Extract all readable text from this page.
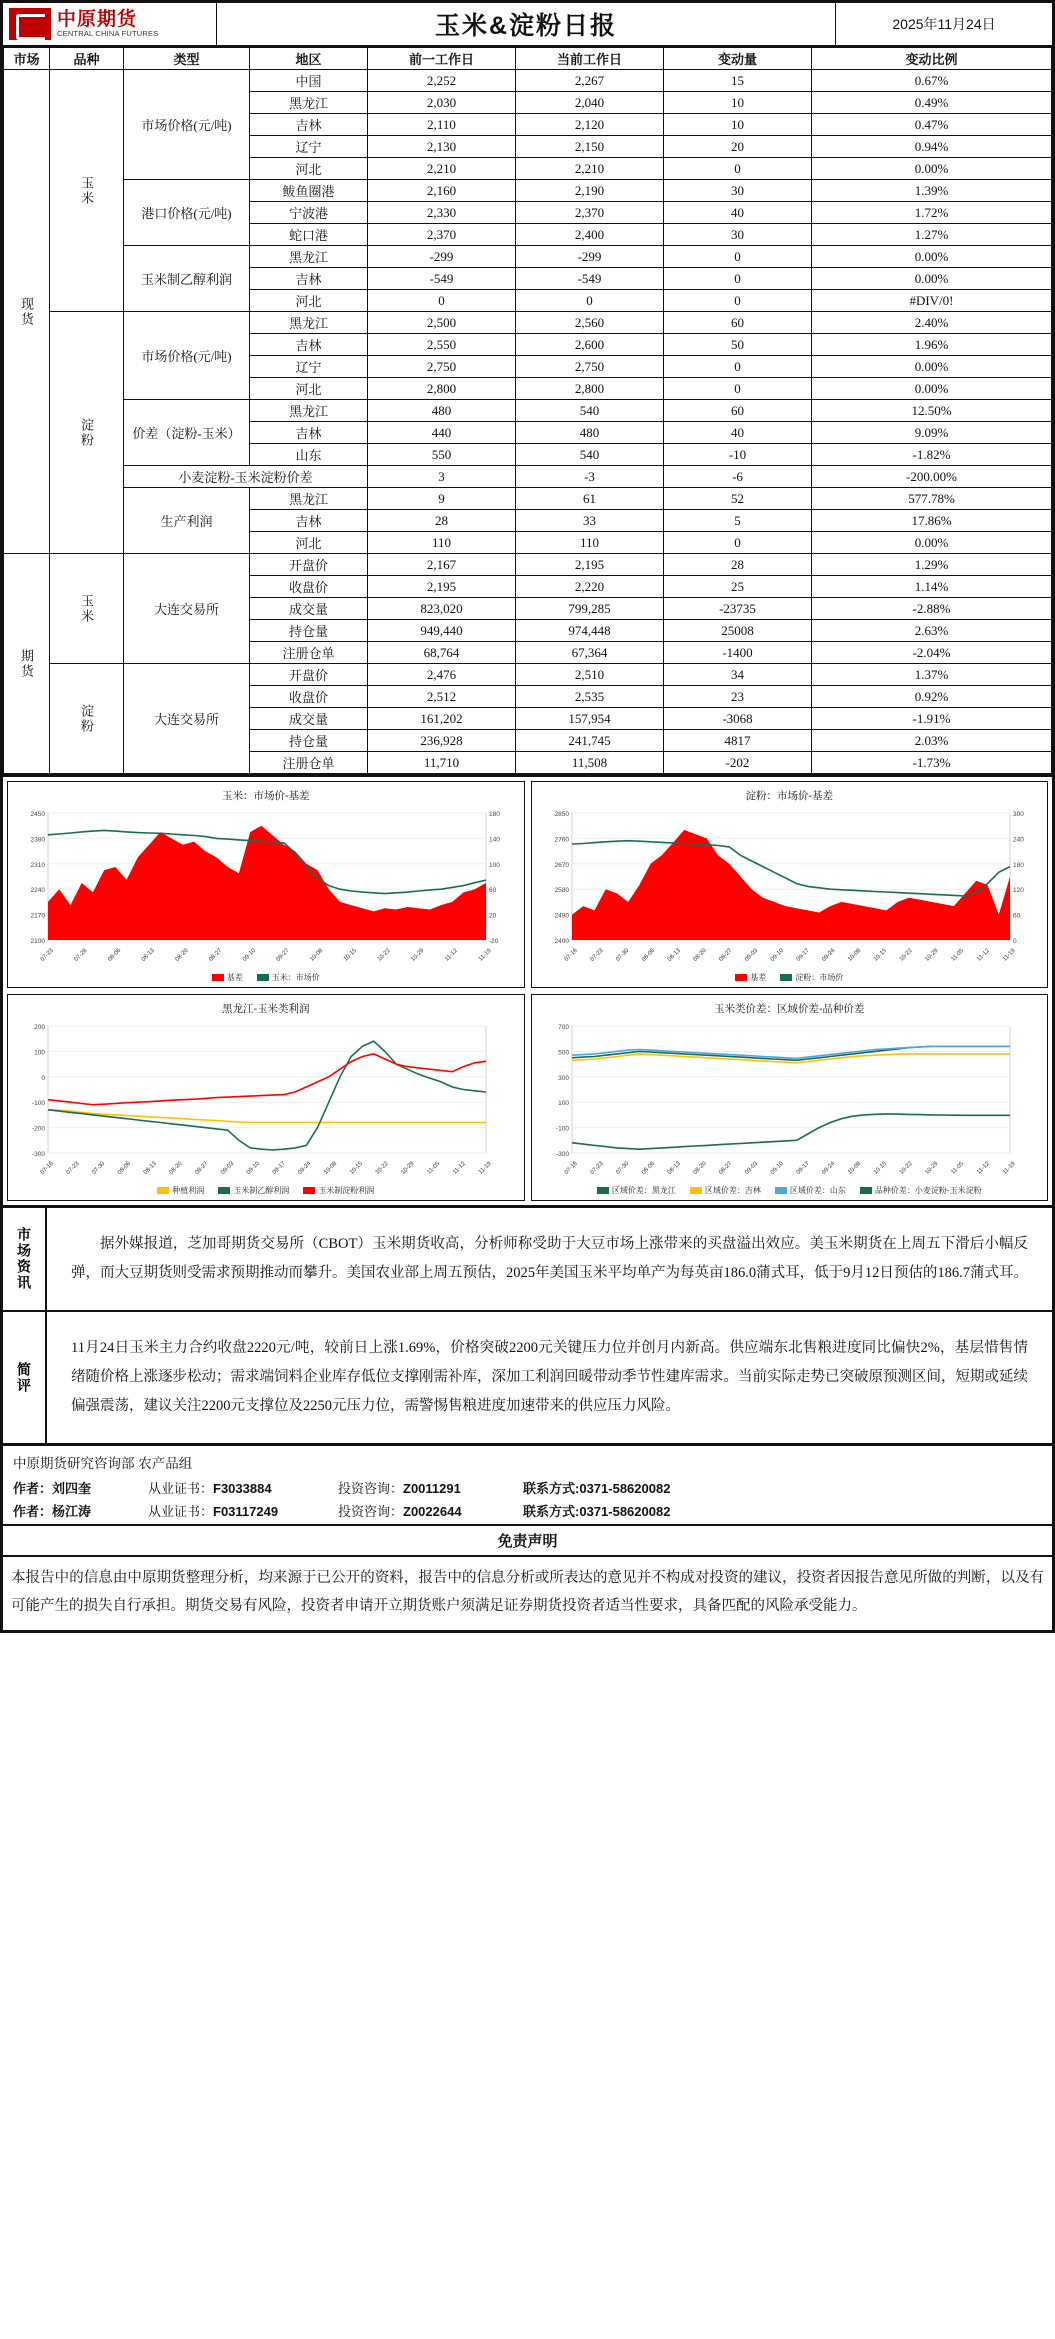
中原期货
CENTRAL CHINA FUTURES	玉米&淀粉日报	2025年11月24日
市场	品种	类型	地区	前一工作日	当前工作日	变动量	变动比例

现货	玉米	市场价格(元/吨)	中国	2,252	2,267	15	0.67%
			黑龙江	2,030	2,040	10	0.49%
			吉林	2,110	2,120	10	0.47%
			辽宁	2,130	2,150	20	0.94%
			河北	2,210	2,210	0	0.00%
		港口价格(元/吨)	鲅鱼圈港	2,160	2,190	30	1.39%
			宁波港	2,330	2,370	40	1.72%
			蛇口港	2,370	2,400	30	1.27%
		玉米制乙醇利润	黑龙江	-299	-299	0	0.00%
			吉林	-549	-549	0	0.00%
			河北	0	0	0	#DIV/0!

	淀粉	市场价格(元/吨)	黑龙江	2,500	2,560	60	2.40%
			吉林	2,550	2,600	50	1.96%
			辽宁	2,750	2,750	0	0.00%
			河北	2,800	2,800	0	0.00%
		价差（淀粉-玉米）	黑龙江	480	540	60	12.50%
			吉林	440	480	40	9.09%
			山东	550	540	-10	-1.82%
		小麦淀粉-玉米淀粉价差		3	-3	-6	-200.00%
		生产利润	黑龙江	9	61	52	577.78%
			吉林	28	33	5	17.86%
			河北	110	110	0	0.00%

期货	玉米	大连交易所	开盘价	2,167	2,195	28	1.29%
			收盘价	2,195	2,220	25	1.14%
			成交量	823,020	799,285	-23735	-2.88%
			持仓量	949,440	974,448	25008	2.63%
			注册仓单	68,764	67,364	-1400	-2.04%

	淀粉	大连交易所	开盘价	2,476	2,510	34	1.37%
			收盘价	2,512	2,535	23	0.92%
			成交量	161,202	157,954	-3068	-1.91%
			持仓量	236,928	241,745	4817	2.03%
			注册仓单	11,710	11,508	-202	-1.73%
玉米：市场价-基差
2100
2170
2240
2310
2380
2450
-20
20
60
100
140
180
07-23	07-28	08-06	08-13	08-20	08-27	09-10	09-27	10-08	10-15	10-22	10-29	11-12	11-19
基差	玉米：市场价
淀粉：市场价-基差
2400
2490
2580
2670
2760
2850
0
60
120
180
240
300
07-16 07-23 07-30 08-06 08-13 08-20 08-27 09-03 09-10 09-17 09-24 10-08 10-15 10-22 10-29 11-05 11-12 11-19
基差	淀粉：市场价
黑龙江-玉米类利润
-300
-200
-100
0
100
200
07-16 07-23 07-30 08-06 08-13 08-20 08-27 09-03 09-10 09-17 09-24 10-08 10-15 10-22 10-29 11-05 11-12 11-19
种植利润	玉米制乙醇利润	玉米制淀粉利润
玉米类价差：区域价差-品种价差
-300
-100
100
300
500
700
07-16 07-23 07-30 08-06 08-13 08-20 08-27 09-03 09-10 09-17 09-24 10-08 10-15 10-22 10-29 11-05 11-12 11-19
区域价差：黑龙江	区域价差：吉林	区域价差：山东	品种价差：小麦淀粉-玉米淀粉
市场资讯	据外媒报道，芝加哥期货交易所（CBOT）玉米期货收高，分析师称受助于大豆市场上涨带来的买盘溢出效应。美玉米期货在上周五下滑后小幅反弹，而大豆期货则受需求预期推动而攀升。美国农业部上周五预估，2025年美国玉米平均单产为每英亩186.0蒲式耳，低于9月12日预估的186.7蒲式耳。
简评
11月24日玉米主力合约收盘2220元/吨，较前日上涨1.69%，价格突破2200元关键压力位并创月内新高。供应端东北售粮进度同比偏快2%，基层惜售情绪随价格上涨逐步松动；需求端饲料企业库存低位支撑刚需补库，深加工利润回暖带动季节性建库需求。当前实际走势已突破原预测区间，短期或延续偏强震荡，建议关注2200元支撑位及2250元压力位，需警惕售粮进度加速带来的供应压力风险。
中原期货研究咨询部 农产品组
作者：刘四奎	从业证书：F3033884	投资咨询：Z0011291	联系方式:0371-58620082
作者：杨江涛	从业证书：F03117249	投资咨询：Z0022644	联系方式:0371-58620082
免责声明
本报告中的信息由中原期货整理分析，均来源于已公开的资料，报告中的信息分析或所表达的意见并不构成对投资的建议，投资者因报告意见所做的判断，以及有可能产生的损失自行承担。期货交易有风险，投资者申请开立期货账户须满足证券期货投资者适当性要求，具备匹配的风险承受能力。
